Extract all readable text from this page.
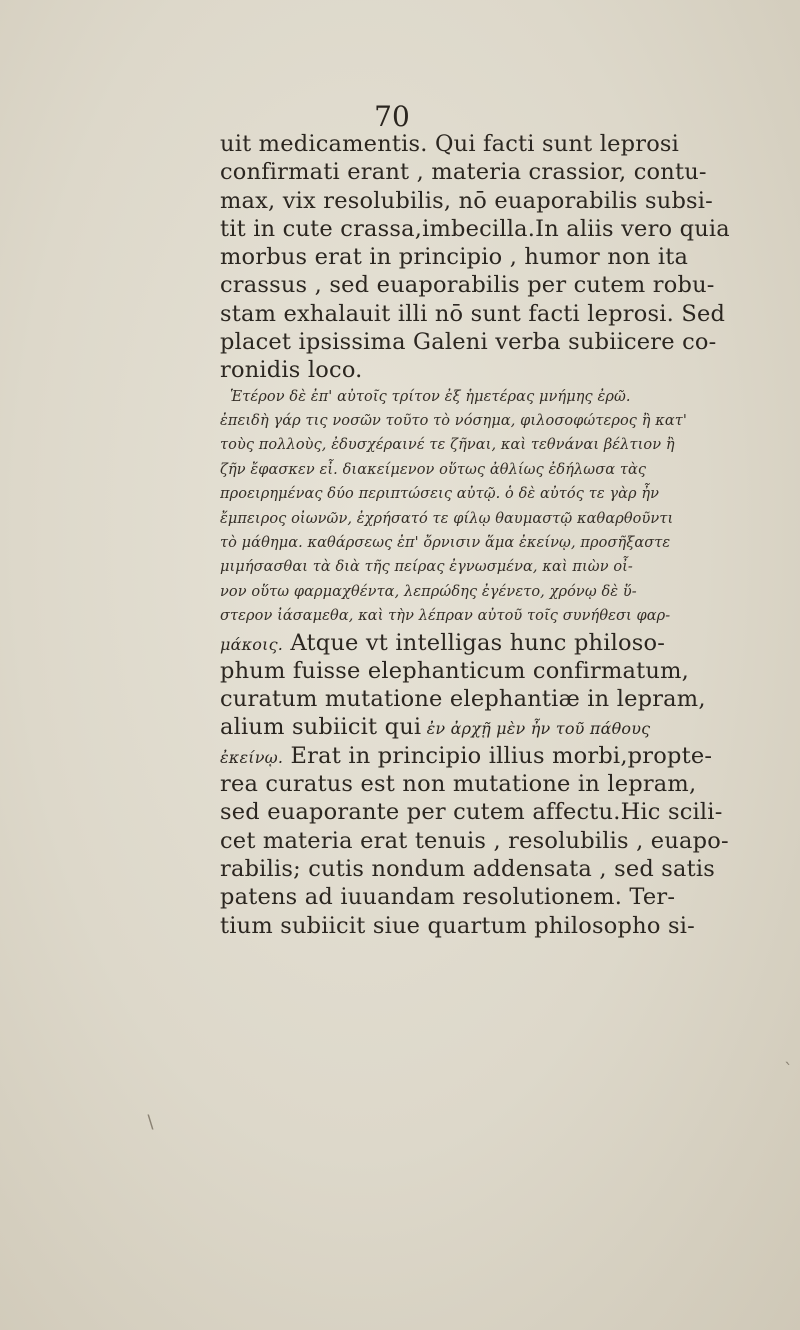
70
uit medicamentis. Qui facti sunt leprosi
confirmati erant , materia crassior, contu-
max, vix resolubilis, nō euaporabilis subsi-
tit in cute crassa,imbecilla.In aliis vero quia
morbus erat in principio , humor non ita
crassus , sed euaporabilis per cutem robu-
stam exhalauit illi nō sunt facti leprosi. Sed
placet ipsissima Galeni verba subiicere co-
ronidis loco.
Ἑτέρον δὲ ἐπ' αὐτοῖς τρίτον ἐξ ἡμετέρας μνήμης ἐρῶ.
ἐπειδὴ γάρ τις νοσῶν τοῦτο τὸ νόσημα, φιλοσοφώτερος ἢ κατ'
τοὺς πολλοὺς, ἐδυσχέραινέ τε ζῆναι, καὶ τεθνάναι βέλτιον ἢ
ζῆν ἔφασκεν εἶ. διακείμενον οὕτως ἀθλίως ἐδήλωσα τὰς
προειρημένας δύο περιπτώσεις αὐτῷ. ὁ δὲ αὐτός τε γὰρ ἦν
ἔμπειρος οἰωνῶν, ἐχρήσατό τε φίλῳ θαυμαστῷ καθαρθοῦντι
τὸ μάθημα. καθάρσεως ἐπ' ὄρνισιν ἅμα ἐκείνῳ, προσῆξαστε
μιμήσασθαι τὰ διὰ τῆς πείρας ἐγνωσμένα, καὶ πιὼν οἶ-
νον οὕτω φαρμαχθέντα, λεπρώδης ἐγένετο, χρόνῳ δὲ ὕ-
στερον ἰάσαμεθα, καὶ τὴν λέπραν αὐτοῦ τοῖς συνήθεσι φαρ-
μάκοις. Atque vt intelligas hunc philoso-
phum fuisse elephanticum confirmatum,
curatum mutatione elephantiæ in lepram,
alium subiicit qui ἐν ἀρχῇ μὲν ἦν τοῦ πάθους
ἐκείνῳ. Erat in principio illius morbi,propte-
rea curatus est non mutatione in lepram,
sed euaporante per cutem affectu.Hic scili-
cet materia erat tenuis , resolubilis , euapo-
rabilis; cutis nondum addensata , sed satis
patens ad iuuandam resolutionem. Ter-
tium subiicit siue quartum philosopho si-
`
∖
